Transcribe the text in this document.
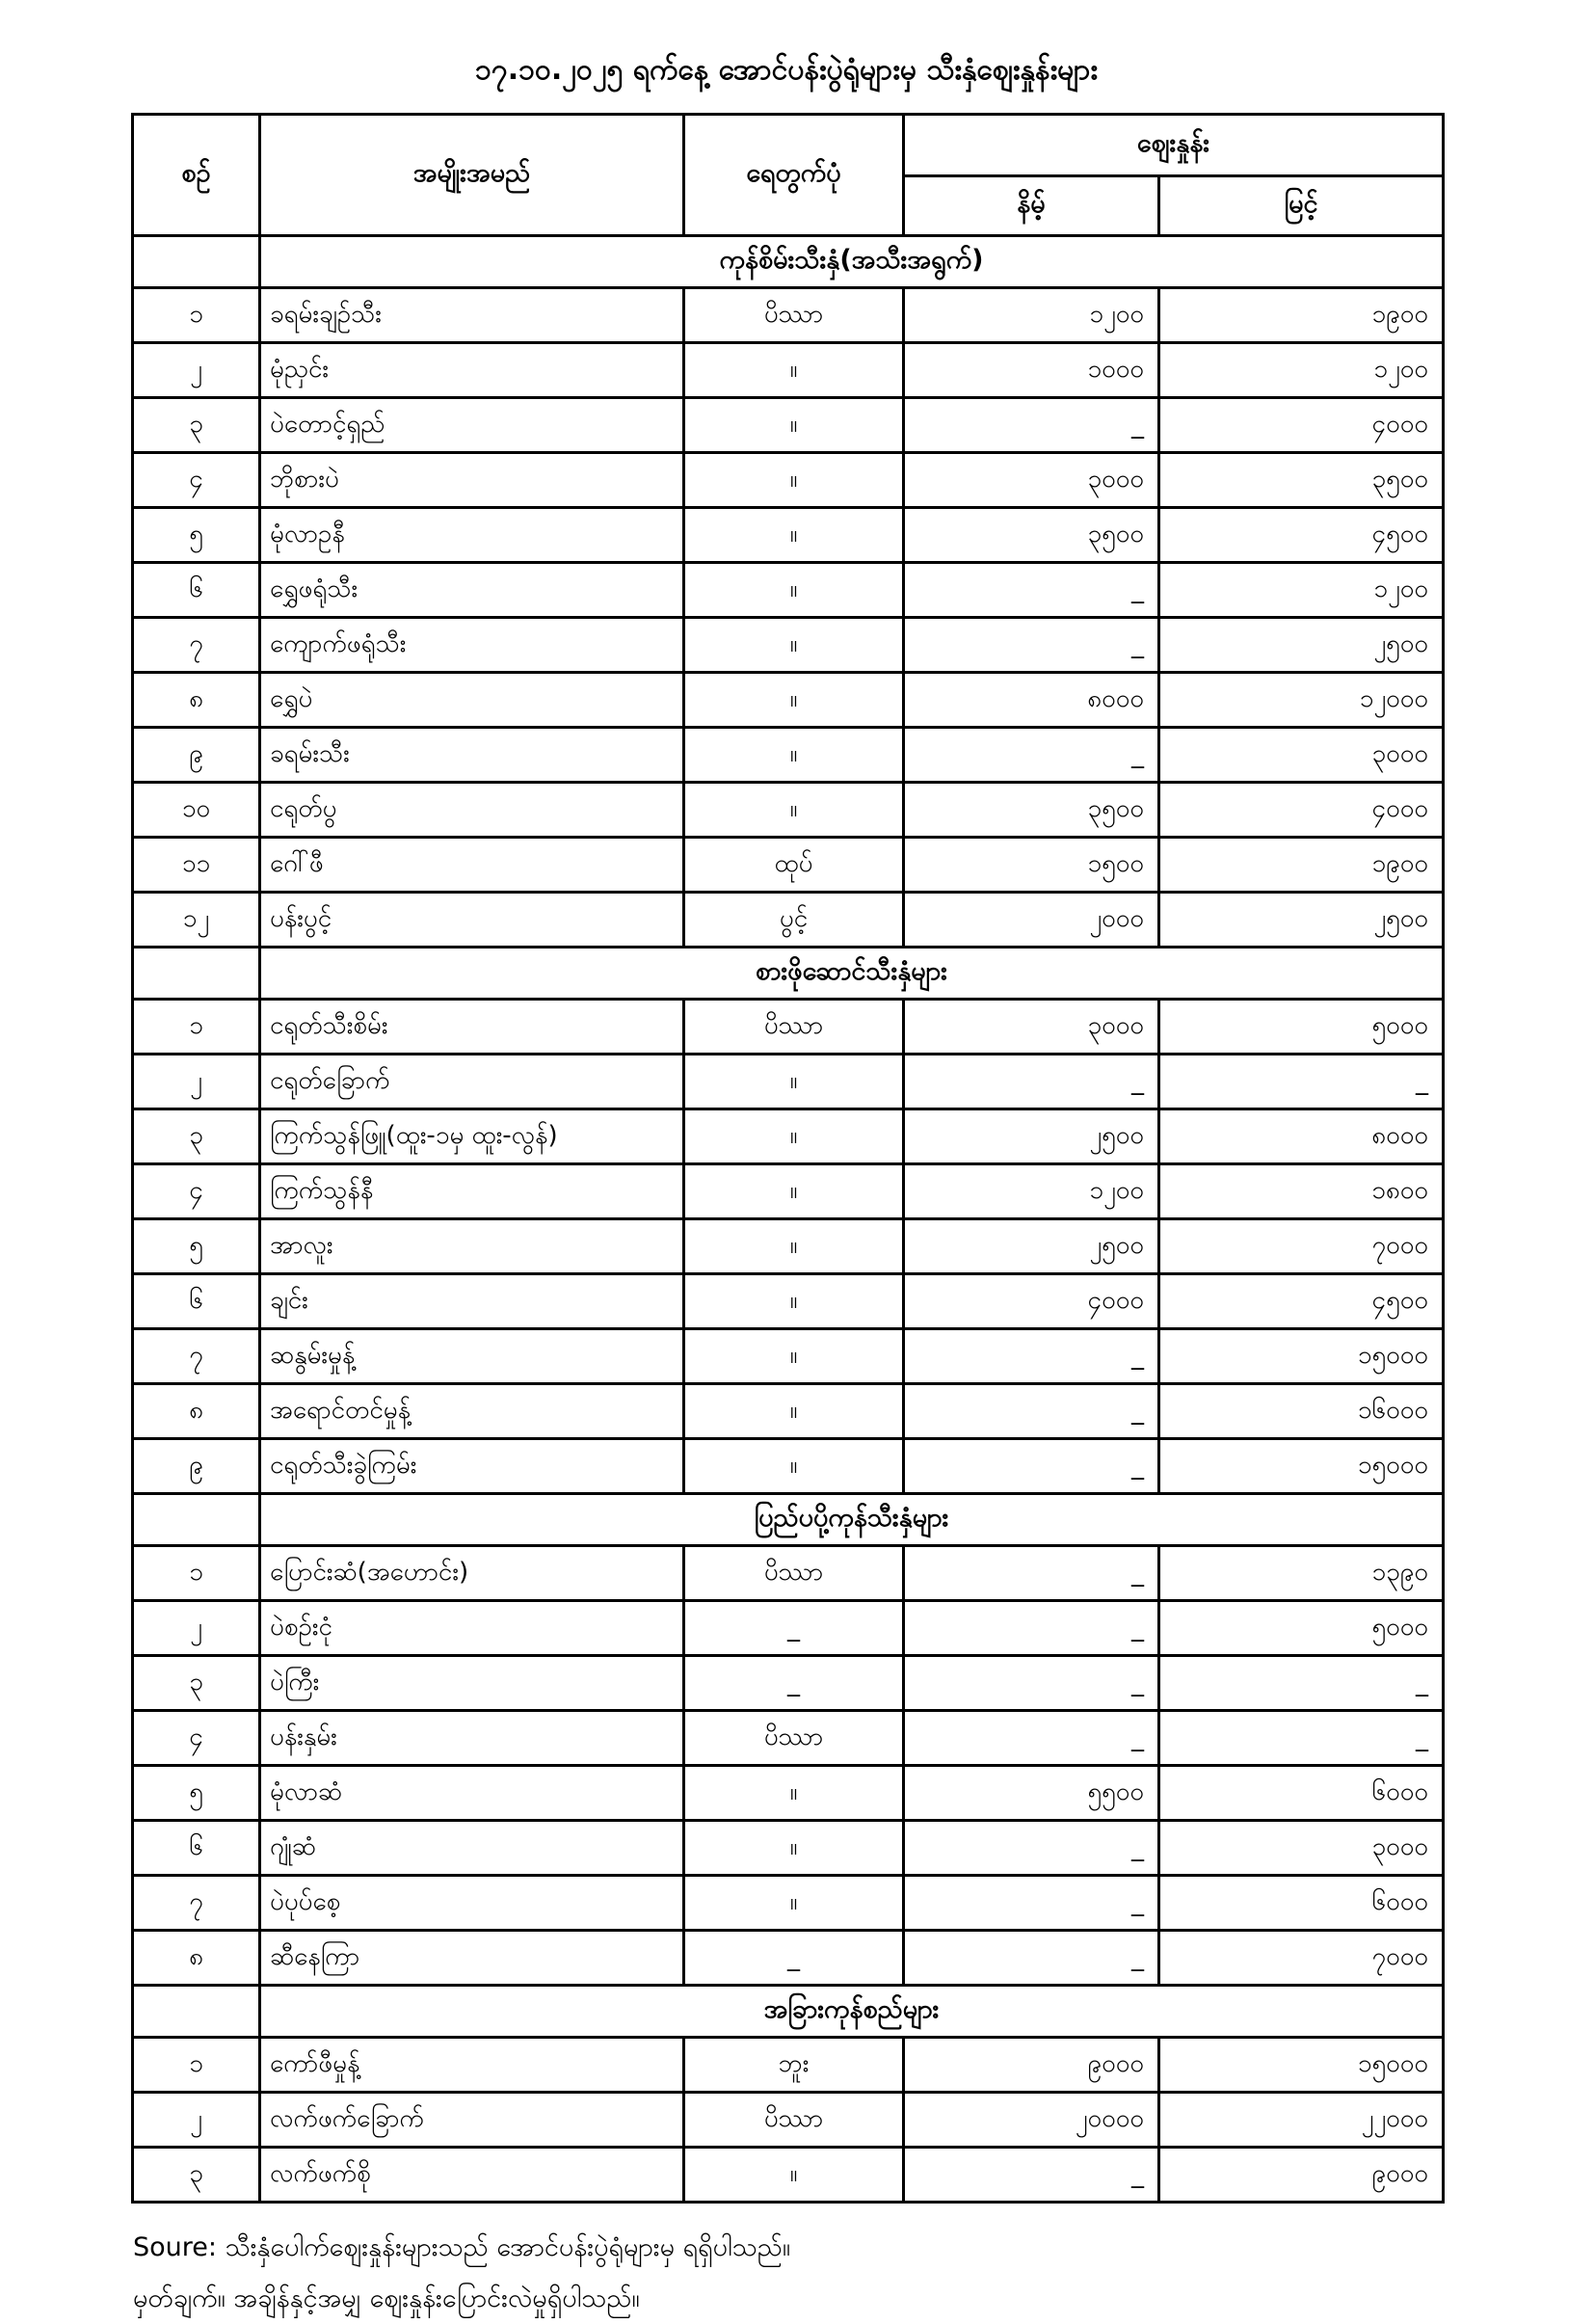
၁၇.၁၀.၂၀၂၅ ရက်နေ့ အောင်ပန်းပွဲရုံများမှ သီးနှံဈေးနှုန်းများ
စဉ်	အမျိုးအမည်	ရေတွက်ပုံ	ဈေးနှုန်း	
			နိမ့်	မြင့်
	ကုန်စိမ်းသီးနှံ(အသီးအရွက်)			
၁	ခရမ်းချဉ်သီး	ပိဿာ	၁၂၀၀	၁၉၀၀
၂	မုံညှင်း	။	၁၀၀၀	၁၂၀၀
၃	ပဲတောင့်ရှည်	။	_	၄၀၀၀
၄	ဘိုစားပဲ	။	၃၀၀၀	၃၅၀၀
၅	မုံလာဥနီ	။	၃၅၀၀	၄၅၀၀
၆	ရွှေဖရုံသီး	။	_	၁၂၀၀
၇	ကျောက်ဖရုံသီး	။	_	၂၅၀၀
၈	ရွှေပဲ	။	၈၀၀၀	၁၂၀၀၀
၉	ခရမ်းသီး	။	_	၃၀၀၀
၁၀	ငရုတ်ပွ	။	၃၅၀၀	၄၀၀၀
၁၁	ဂေါ်ဖီ	ထုပ်	၁၅၀၀	၁၉၀၀
၁၂	ပန်းပွင့်	ပွင့်	၂၀၀၀	၂၅၀၀
	စားဖိုဆောင်သီးနှံများ			
၁	ငရုတ်သီးစိမ်း	ပိဿာ	၃၀၀၀	၅၀၀၀
၂	ငရုတ်ခြောက်	။	_	_
၃	ကြက်သွန်ဖြူ(ထူး-၁မှ ထူး-လွန်)	။	၂၅၀၀	၈၀၀၀
၄	ကြက်သွန်နီ	။	၁၂၀၀	၁၈၀၀
၅	အာလူး	။	၂၅၀၀	၇၀၀၀
၆	ချင်း	။	၄၀၀၀	၄၅၀၀
၇	ဆနွမ်းမှုန့်	။	_	၁၅၀၀၀
၈	အရောင်တင်မှုန့်	။	_	၁၆၀၀၀
၉	ငရုတ်သီးခွဲကြမ်း	။	_	၁၅၀၀၀
	ပြည်ပပို့ကုန်သီးနှံများ			
၁	ပြောင်းဆံ(အဟောင်း)	ပိဿာ	_	၁၃၉၀
၂	ပဲစဉ်းငုံ	_	_	၅၀၀၀
၃	ပဲကြီး	_	_	_
၄	ပန်းနှမ်း	ပိဿာ	_	_
၅	မုံလာဆံ	။	၅၅၀၀	၆၀၀၀
၆	ဂျုံဆံ	။	_	၃၀၀၀
၇	ပဲပုပ်စေ့	။	_	၆၀၀၀
၈	ဆီနေကြာ	_	_	၇၀၀၀
	အခြားကုန်စည်များ			
၁	ကော်ဖီမှုန့်	ဘူး	၉၀၀၀	၁၅၀၀၀
၂	လက်ဖက်ခြောက်	ပိဿာ	၂၀၀၀၀	၂၂၀၀၀
၃	လက်ဖက်စို	။	_	၉၀၀၀
Soure: သီးနှံပေါက်ဈေးနှုန်းများသည် အောင်ပန်းပွဲရုံများမှ ရရှိပါသည်။
မှတ်ချက်။ အချိန်နှင့်အမျှ ဈေးနှုန်းပြောင်းလဲမှုရှိပါသည်။
